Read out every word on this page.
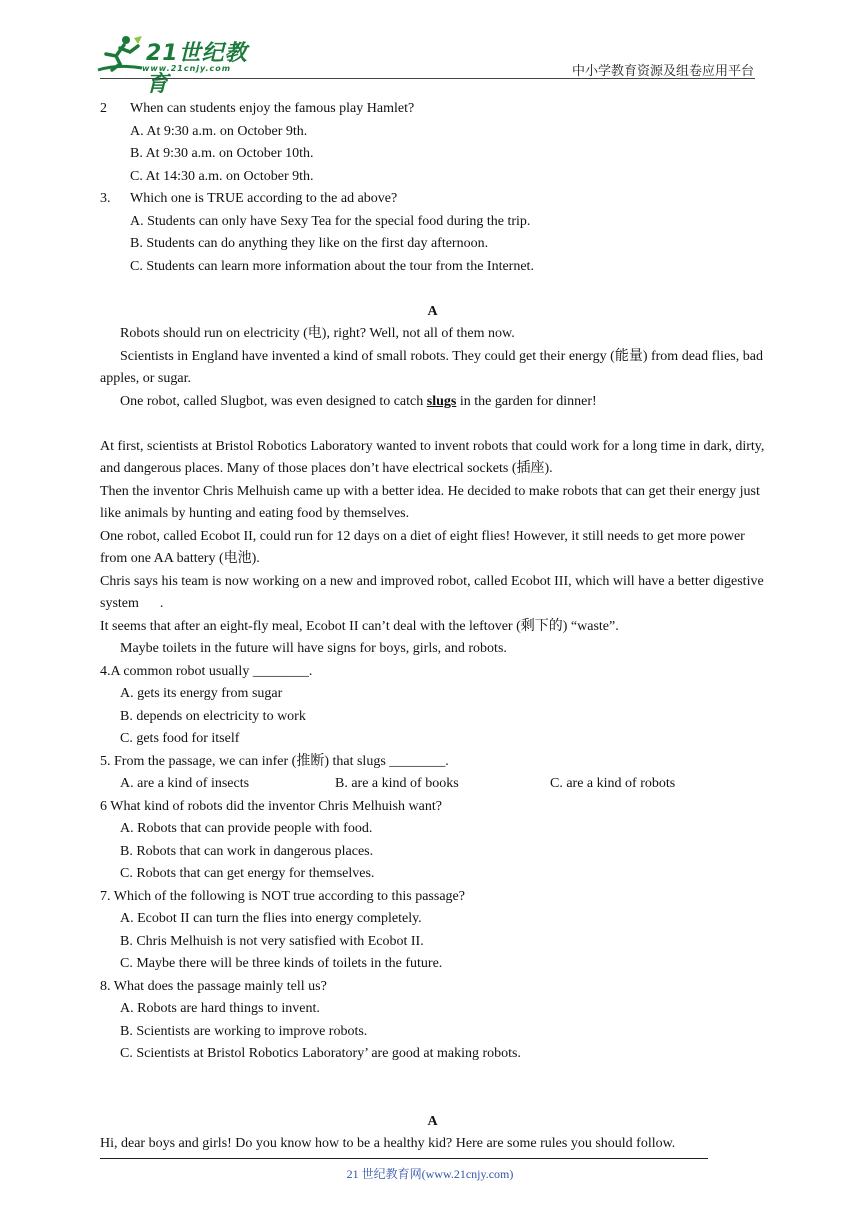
21世纪教育
www.21cnjy.com	中小学教育资源及组卷应用平台
2 When can students enjoy the famous play Hamlet?
A. At 9:30 a.m. on October 9th.
B. At 9:30 a.m. on October 10th.
C. At 14:30 a.m. on October 9th.
3. Which one is TRUE according to the ad above?
A. Students can only have Sexy Tea for the special food during the trip.
B. Students can do anything they like on the first day afternoon.
C. Students can learn more information about the tour from the Internet.
A
Robots should run on electricity (电), right? Well, not all of them now.
Scientists in England have invented a kind of small robots. They could get their energy (能量) from dead flies, bad apples, or sugar.
One robot, called Slugbot, was even designed to catch slugs in the garden for dinner!
At first, scientists at Bristol Robotics Laboratory wanted to invent robots that could work for a long time in dark, dirty, and dangerous places. Many of those places don’t have electrical sockets (插座).
Then the inventor Chris Melhuish came up with a better idea. He decided to make robots that can get their energy just like animals by hunting and eating food by themselves.
One robot, called Ecobot II, could run for 12 days on a diet of eight flies! However, it still needs to get more power from one AA battery (电池).
Chris says his team is now working on a new and improved robot, called Ecobot III, which will have a better digestive system      .
It seems that after an eight-fly meal, Ecobot II can’t deal with the leftover (剩下的) “waste”.
Maybe toilets in the future will have signs for boys, girls, and robots.
4.A common robot usually ________.
A. gets its energy from sugar
B. depends on electricity to work
C. gets food for itself
5. From the passage, we can infer (推断) that slugs ________.
A. are a kind of insects	B. are a kind of books	C. are a kind of robots
6 What kind of robots did the inventor Chris Melhuish want?
A. Robots that can provide people with food.
B. Robots that can work in dangerous places.
C. Robots that can get energy for themselves.
7. Which of the following is NOT true according to this passage?
A. Ecobot II can turn the flies into energy completely.
B. Chris Melhuish is not very satisfied with Ecobot II.
C. Maybe there will be three kinds of toilets in the future.
8. What does the passage mainly tell us?
A. Robots are hard things to invent.
B. Scientists are working to improve robots.
C. Scientists at Bristol Robotics Laboratory’ are good at making robots.
A
Hi, dear boys and girls! Do you know how to be a healthy kid? Here are some rules you should follow.
21 世纪教育网(www.21cnjy.com)
